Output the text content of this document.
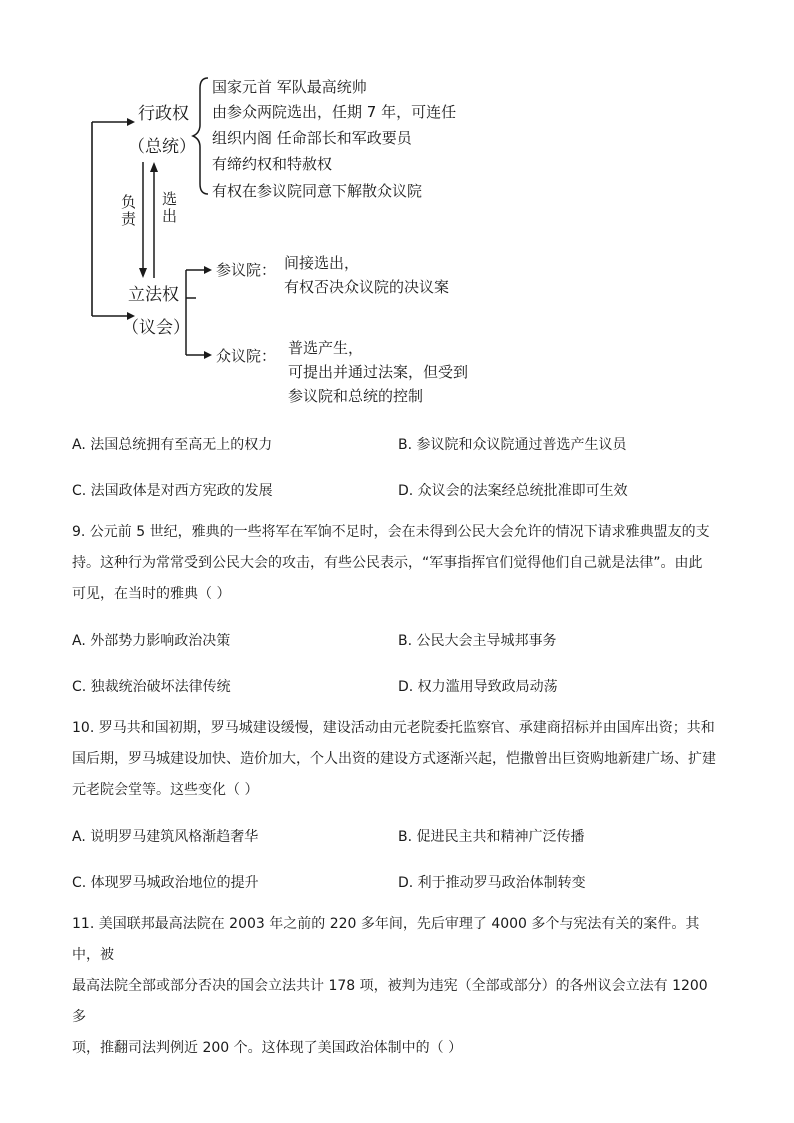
行政权
（总统）
国家元首 军队最高统帅
由参众两院选出，任期 7 年，可连任
组织内阁 任命部长和军政要员
有缔约权和特赦权
有权在参议院同意下解散众议院
负
责
选
出
立法权
（议会）
参议院： 间接选出，
有权否决众议院的决议案
众议院： 普选产生，
可提出并通过法案，但受到
参议院和总统的控制
A. 法国总统拥有至高无上的权力	B. 参议院和众议院通过普选产生议员
C. 法国政体是对西方宪政的发展	D. 众议会的法案经总统批准即可生效
9. 公元前 5 世纪，雅典的一些将军在军饷不足时，会在未得到公民大会允许的情况下请求雅典盟友的支
持。这种行为常常受到公民大会的攻击，有些公民表示，“军事指挥官们觉得他们自己就是法律”。由此
可见，在当时的雅典（ ）
A. 外部势力影响政治决策	B. 公民大会主导城邦事务
C. 独裁统治破坏法律传统	D. 权力滥用导致政局动荡
10. 罗马共和国初期，罗马城建设缓慢，建设活动由元老院委托监察官、承建商招标并由国库出资；共和
国后期，罗马城建设加快、造价加大，个人出资的建设方式逐渐兴起，恺撒曾出巨资购地新建广场、扩建
元老院会堂等。这些变化（ ）
A. 说明罗马建筑风格渐趋奢华	B. 促进民主共和精神广泛传播
C. 体现罗马城政治地位的提升	D. 利于推动罗马政治体制转变
11. 美国联邦最高法院在 2003 年之前的 220 多年间，先后审理了 4000 多个与宪法有关的案件。其中，被
最高法院全部或部分否决的国会立法共计 178 项，被判为违宪（全部或部分）的各州议会立法有 1200 多
项，推翻司法判例近 200 个。这体现了美国政治体制中的（ ）
